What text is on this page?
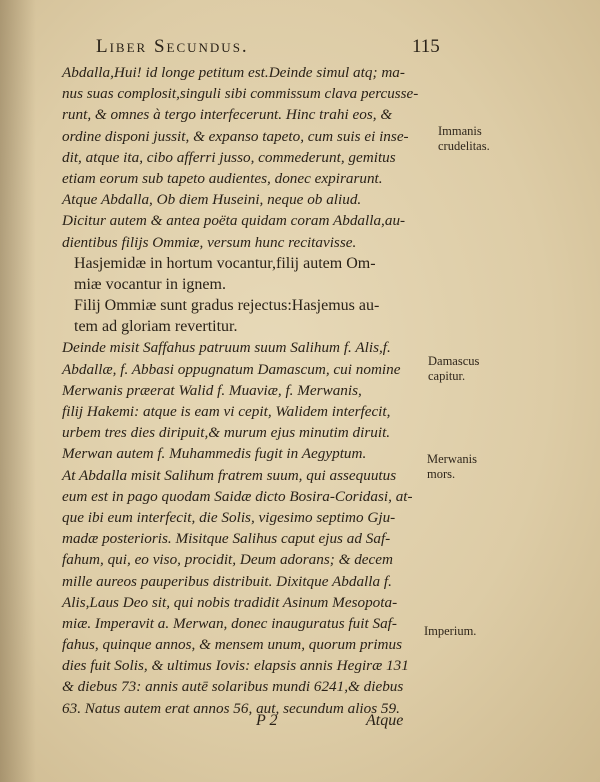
Liber Secundus.	115
Abdalla,Hui! id longe petitum est.Deinde simul atq; ma-
nus suas complosit,singuli sibi commissum clava percusse-
runt, & omnes à tergo interfecerunt. Hinc trahi eos, &
ordine disponi jussit, & expanso tapeto, cum suis ei inse-
dit, atque ita, cibo afferri jusso, commederunt, gemitus
etiam eorum sub tapeto audientes, donec expirarunt.
Atque Abdalla, Ob diem Huseini, neque ob aliud.
Dicitur autem & antea poëta quidam coram Abdalla,au-
dientibus filijs Ommiæ, versum hunc recitavisse.
Hasjemidæ in hortum vocantur,filij autem Om-
miæ vocantur in ignem.
Filij Ommiæ sunt gradus rejectus:Hasjemus au-
tem ad gloriam revertitur.
Deinde misit Saffahus patruum suum Salihum f. Alis,f.
Abdallæ, f. Abbasi oppugnatum Damascum, cui nomine
Merwanis præerat Walid f. Muaviæ, f. Merwanis,
filij Hakemi: atque is eam vi cepit, Walidem interfecit,
urbem tres dies diripuit,& murum ejus minutim diruit.
Merwan autem f. Muhammedis fugit in Aegyptum.
At Abdalla misit Salihum fratrem suum, qui assequutus
eum est in pago quodam Saidæ dicto Bosira-Coridasi, at-
que ibi eum interfecit, die Solis, vigesimo septimo Gju-
madæ posterioris. Misitque Salihus caput ejus ad Saf-
fahum, qui, eo viso, procidit, Deum adorans; & decem
mille aureos pauperibus distribuit. Dixitque Abdalla f.
Alis,Laus Deo sit, qui nobis tradidit Asinum Mesopota-
miæ. Imperavit a. Merwan, donec inauguratus fuit Saf-
fahus, quinque annos, & mensem unum, quorum primus
dies fuit Solis, & ultimus Iovis: elapsis annis Hegiræ 131
& diebus 73: annis autē solaribus mundi 6241,& diebus
63. Natus autem erat annos 56, aut, secundum alios 59.
Immanis
crudelitas.
Damascus
capitur.
Merwanis
mors.
Imperium.
P 2	Atque
